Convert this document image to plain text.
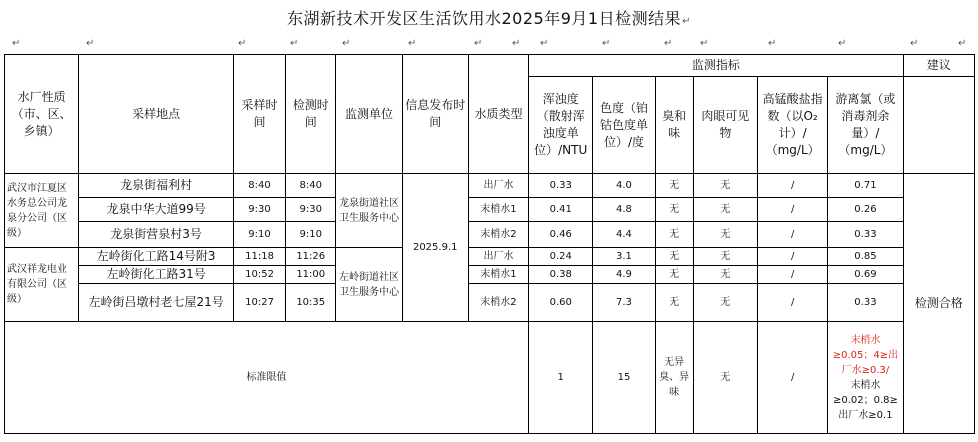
东湖新技术开发区生活饮用水2025年9月1日检测结果↵
↵	↵	↵	↵	↵	↵	↵	↵ ↵	↵	↵	↵	↵	↵	↵	↵
水厂性质（市、区、乡镇）	采样地点	采样时间	检测时间	监测单位	信息发布时间	水质类型	监测指标						建议
							浑浊度（散射浑浊度单位）/NTU	色度（铂钴色度单位）/度	臭和味	肉眼可见物	高锰酸盐指数（以O₂计）/（mg/L）	游离氯（或消毒剂余量）/（mg/L）	
武汉市江夏区水务总公司龙泉分公司（区级）	龙泉街福利村	8:40	8:40	龙泉街道社区卫生服务中心	2025.9.1	出厂水	0.33	4.0	无	无	/	0.71	检测合格
	龙泉中华大道99号	9:30	9:30			末梢水1	0.41	4.8	无	无	/	0.26	
	龙泉街营泉村3号	9:10	9:10			末梢水2	0.46	4.4	无	无	/	0.33	
武汉祥龙电业有限公司（区级）	左岭街化工路14号附3	11:18	11:26	左岭街道社区卫生服务中心		出厂水	0.24	3.1	无	无	/	0.85	
	左岭街化工路31号	10:52	11:00			末梢水1	0.38	4.9	无	无	/	0.69	
	左岭街吕墩村老七屋21号	10:27	10:35			末梢水2	0.60	7.3	无	无	/	0.33	
标准限值							1	15	无异臭、异味	无	/	末梢水≥0.05；4≥出厂水≥0.3/
末梢水≥0.02；0.8≥出厂水≥0.1	
